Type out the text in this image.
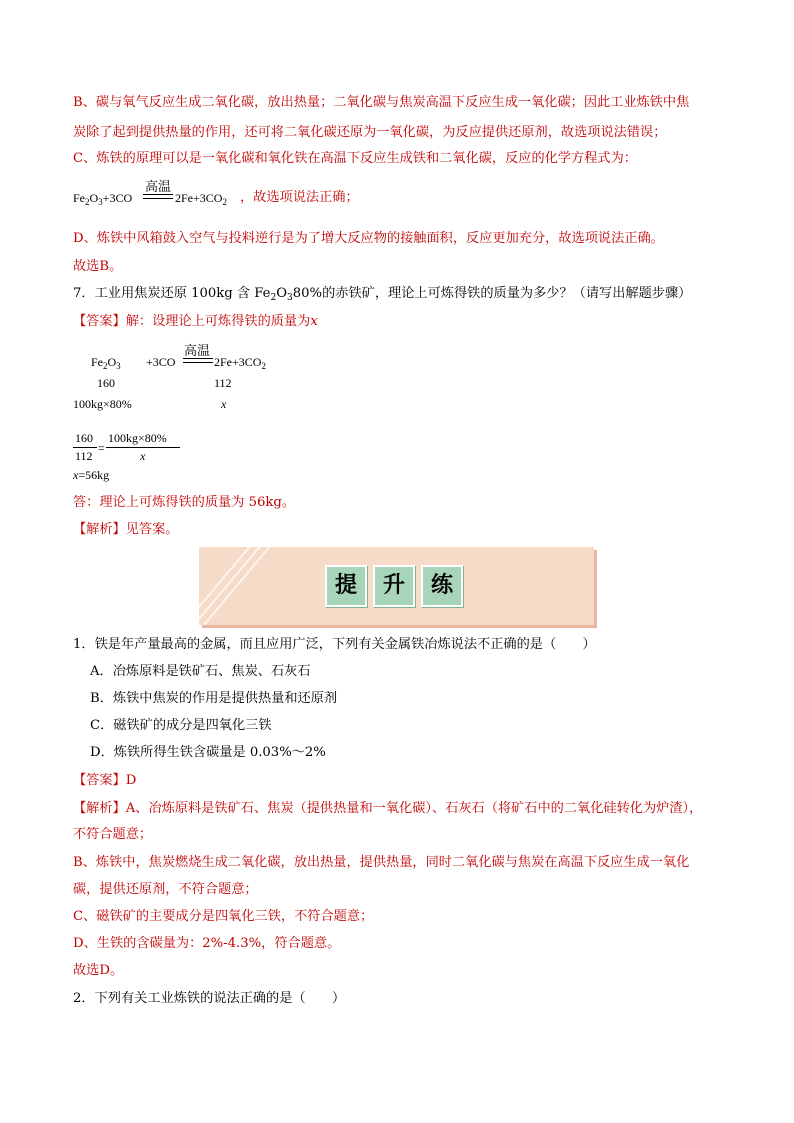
B、碳与氧气反应生成二氧化碳，放出热量；二氧化碳与焦炭高温下反应生成一氧化碳；因此工业炼铁中焦
炭除了起到提供热量的作用，还可将二氧化碳还原为一氧化碳，为反应提供还原剂，故选项说法错误；
C、炼铁的原理可以是一氧化碳和氧化铁在高温下反应生成铁和二氧化碳，反应的化学方程式为：
$Fe_2O_3+3CO$
高温
$2Fe+3CO_2$ ，故选项说法正确；
D、炼铁中风箱鼓入空气与投料逆行是为了增大反应物的接触面积，反应更加充分，故选项说法正确。
故选B。
7．工业用焦炭还原 100kg 含 $Fe_2O_380\%$的赤铁矿，理论上可炼得铁的质量为多少？（请写出解题步骤）
【答案】解：设理论上可炼得铁的质量为x
$Fe_2O_3 +3CO$
高温
$2Fe+3CO_2$
160	112
100kg×80%	x
160
112
=
100kg×80%
x
x=56kg
答：理论上可炼得铁的质量为 56kg。
【解析】见答案。
提	升	练
1．铁是年产量最高的金属，而且应用广泛，下列有关金属铁冶炼说法不正确的是（　　）
A．冶炼原料是铁矿石、焦炭、石灰石
B．炼铁中焦炭的作用是提供热量和还原剂
C．磁铁矿的成分是四氧化三铁
D．炼铁所得生铁含碳量是 0.03%～2%
【答案】D
【解析】A、冶炼原料是铁矿石、焦炭（提供热量和一氧化碳）、石灰石（将矿石中的二氧化硅转化为炉渣），
不符合题意；
B、炼铁中，焦炭燃烧生成二氧化碳，放出热量，提供热量，同时二氧化碳与焦炭在高温下反应生成一氧化
碳，提供还原剂，不符合题意；
C、磁铁矿的主要成分是四氧化三铁，不符合题意；
D、生铁的含碳量为：2%-4.3%，符合题意。
故选D。
2．下列有关工业炼铁的说法正确的是（　　）
